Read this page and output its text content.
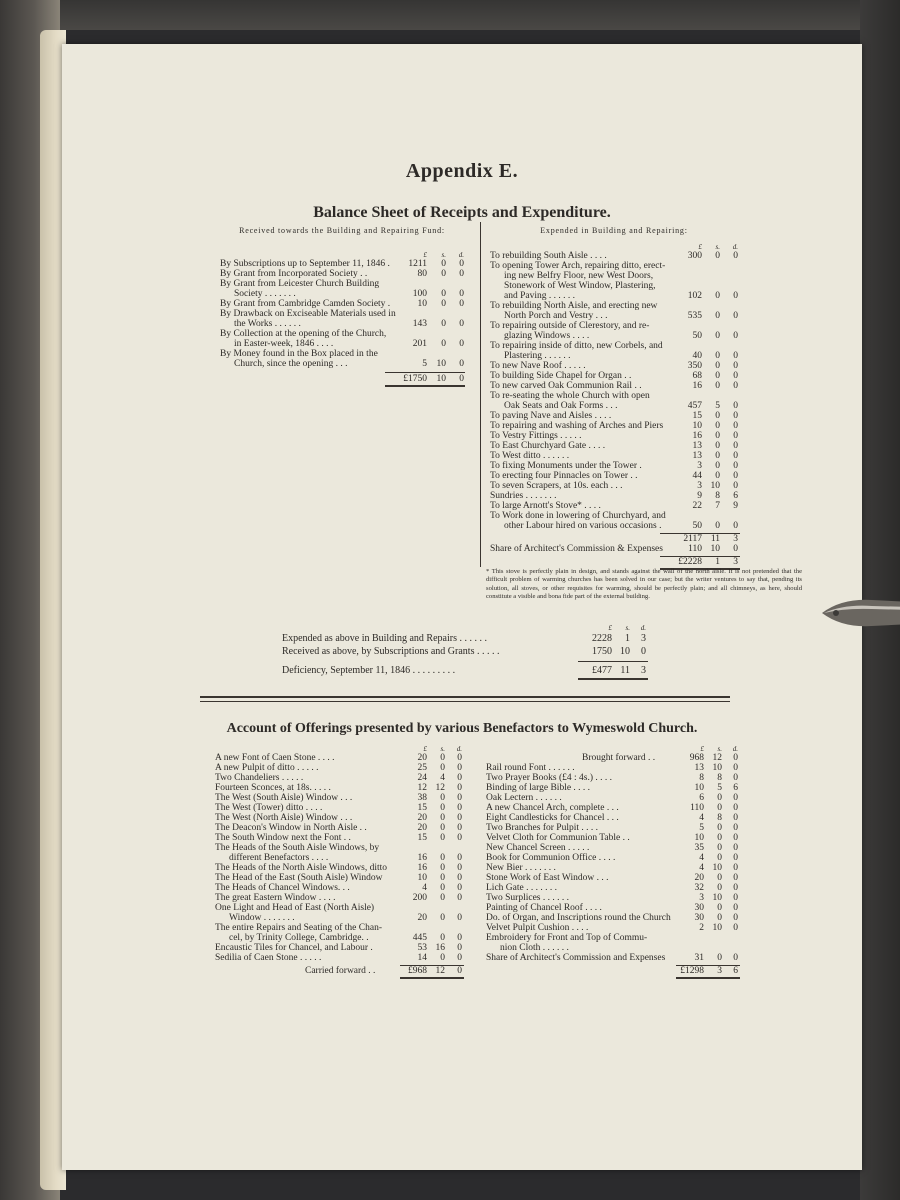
Appendix E.
Balance Sheet of Receipts and Expenditure.
Received towards the Building and Repairing Fund:	Expended in Building and Repairing:
£ s. d.
By Subscriptions up to September 11, 1846 . 1211 0 0
By Grant from Incorporated Society . .	80 0 0
By Grant from Leicester Church Building
Society . . . . . . .	100 0 0
By Grant from Cambridge Camden Society .	10 0 0
By Drawback on Exciseable Materials used in
the Works . . . . . .	143 0 0
By Collection at the opening of the Church,
in Easter-week, 1846 . . . .	201 0 0
By Money found in the Box placed in the
Church, since the opening . . .	5 10 0
£1750 10 0
£ s. d.
To rebuilding South Aisle . . . .	300 0 0
To opening Tower Arch, repairing ditto, erect-
ing new Belfry Floor, new West Doors,
Stonework of West Window, Plastering,
and Paving . . . . . .	102 0 0
To rebuilding North Aisle, and erecting new
North Porch and Vestry . . .	535 0 0
To repairing outside of Clerestory, and re-
glazing Windows . . . .	50 0 0
To repairing inside of ditto, new Corbels, and
Plastering . . . . . .	40 0 0
To new Nave Roof . . . . .	350 0 0
To building Side Chapel for Organ . .	68 0 0
To new carved Oak Communion Rail . .	16 0 0
To re-seating the whole Church with open
Oak Seats and Oak Forms . . .	457 5 0
To paving Nave and Aisles . . . .	15 0 0
To repairing and washing of Arches and Piers	10 0 0
To Vestry Fittings . . . . .	16 0 0
To East Churchyard Gate . . . .	13 0 0
To West ditto . . . . . .	13 0 0
To fixing Monuments under the Tower .	3 0 0
To erecting four Pinnacles on Tower . .	44 0 0
To seven Scrapers, at 10s. each . . .	3 10 0
Sundries . . . . . . .	9 8 6
To large Arnott's Stove* . . . .	22 7 9
To Work done in lowering of Churchyard, and
other Labour hired on various occasions .	50 0 0
2117 11 3
Share of Architect's Commission & Expenses	110 10 0
£2228 1 3
* This stove is perfectly plain in design, and stands against the wall of the north aisle. It is not pretended that the difficult problem of warming churches has been solved in our case; but the writer ventures to say that, pending its solution, all stoves, or other requisites for warming, should be perfectly plain; and all chimneys, as here, should constitute a visible and bona fide part of the external building.
£ s. d.
Expended as above in Building and Repairs . . . . . .	2228 1 3
Received as above, by Subscriptions and Grants . . . . .	1750 10 0
Deficiency, September 11, 1846 . . . . . . . . .	£477 11 3
Account of Offerings presented by various Benefactors to Wymeswold Church.
£ s. d.
A new Font of Caen Stone . . . .	20 0 0
A new Pulpit of ditto . . . . .	25 0 0
Two Chandeliers . . . . .	24 4 0
Fourteen Sconces, at 18s. . . . .	12 12 0
The West (South Aisle) Window . . .	38 0 0
The West (Tower) ditto . . . .	15 0 0
The West (North Aisle) Window . . .	20 0 0
The Deacon's Window in North Aisle . .	20 0 0
The South Window next the Font . .	15 0 0
The Heads of the South Aisle Windows, by
different Benefactors . . . .	16 0 0
The Heads of the North Aisle Windows, ditto	16 0 0
The Head of the East (South Aisle) Window	10 0 0
The Heads of Chancel Windows. . .	4 0 0
The great Eastern Window . . . .	200 0 0
One Light and Head of East (North Aisle)
Window . . . . . . .	20 0 0
The entire Repairs and Seating of the Chan-
cel, by Trinity College, Cambridge. .	445 0 0
Encaustic Tiles for Chancel, and Labour .	53 16 0
Sedilia of Caen Stone . . . . .	14 0 0
Carried forward . .	£968 12 0
£ s. d.
Brought forward . .	968 12 0
Rail round Font . . . . . .	13 10 0
Two Prayer Books (£4 : 4s.) . . . .	8 8 0
Binding of large Bible . . . .	10 5 6
Oak Lectern . . . . . .	6 0 0
A new Chancel Arch, complete . . .	110 0 0
Eight Candlesticks for Chancel . . .	4 8 0
Two Branches for Pulpit . . . .	5 0 0
Velvet Cloth for Communion Table . .	10 0 0
New Chancel Screen . . . . .	35 0 0
Book for Communion Office . . . .	4 0 0
New Bier . . . . . . .	4 10 0
Stone Work of East Window . . .	20 0 0
Lich Gate . . . . . . .	32 0 0
Two Surplices . . . . . .	3 10 0
Painting of Chancel Roof . . . .	30 0 0
Do. of Organ, and Inscriptions round the Church 30 0 0
Velvet Pulpit Cushion . . . .	2 10 0
Embroidery for Front and Top of Commu-
nion Cloth . . . . . .
Share of Architect's Commission and Expenses	31 0 0
£1298 3 6
